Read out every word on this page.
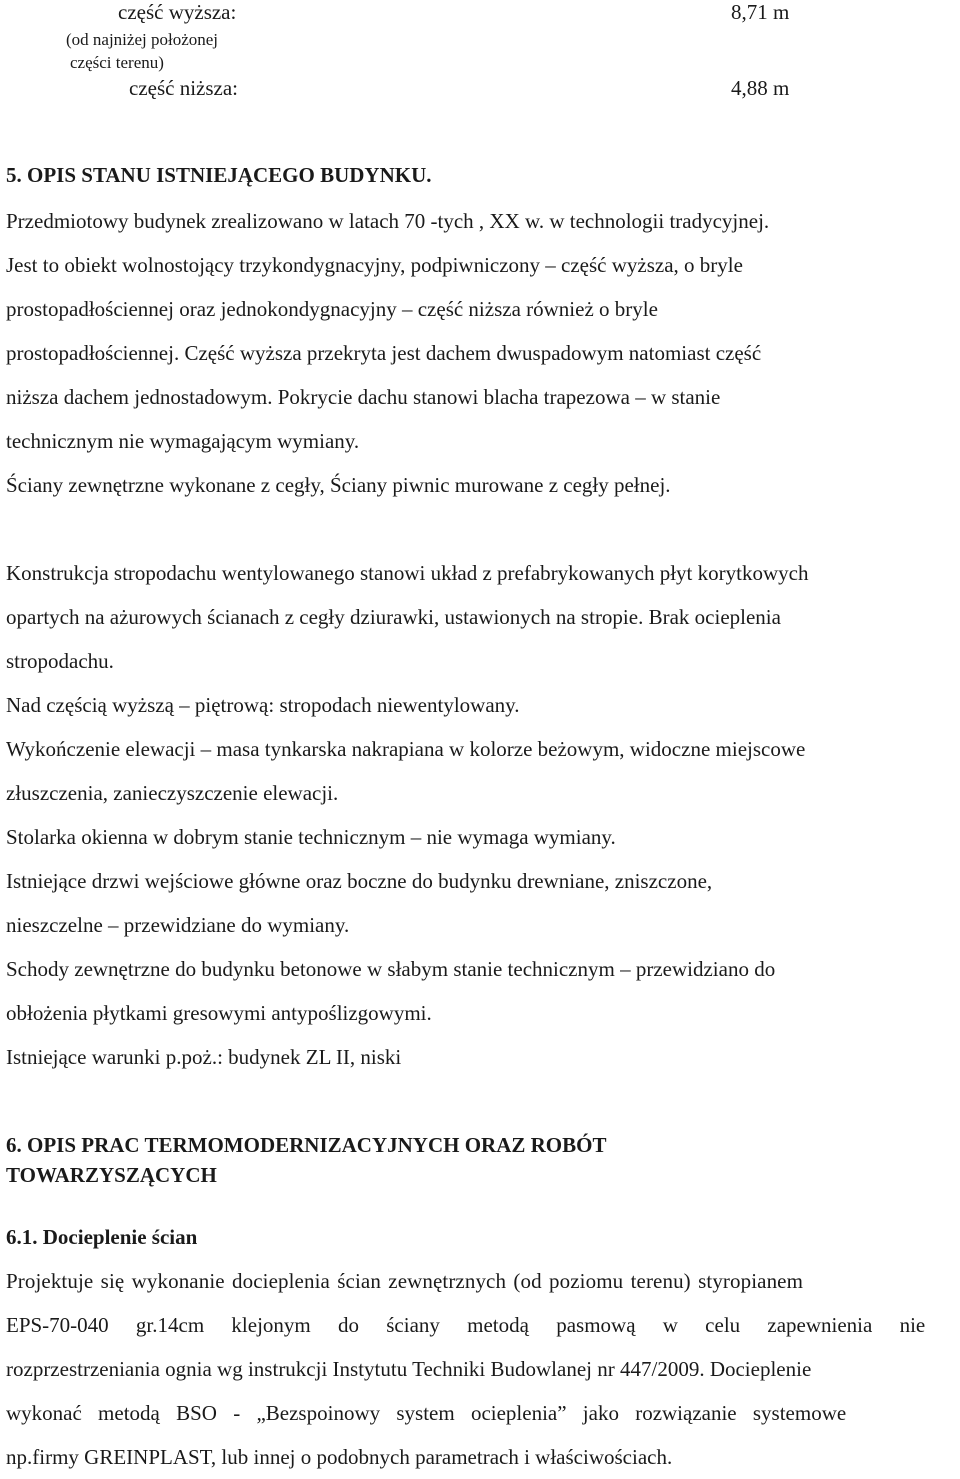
część wyższa:
(od najniżej położonej
części terenu)
8,71 m
część niższa:	4,88 m
5. OPIS STANU ISTNIEJĄCEGO BUDYNKU.
Przedmiotowy budynek zrealizowano w latach 70 -tych , XX w. w technologii tradycyjnej.
Jest to obiekt wolnostojący trzykondygnacyjny, podpiwniczony – część wyższa, o bryle
prostopadłościennej oraz jednokondygnacyjny – część niższa również o bryle
prostopadłościennej. Część wyższa przekryta jest dachem dwuspadowym natomiast część
niższa dachem jednostadowym. Pokrycie dachu stanowi blacha trapezowa – w stanie
technicznym nie wymagającym wymiany.
Ściany zewnętrzne wykonane z cegły, Ściany piwnic murowane z cegły pełnej.
Konstrukcja stropodachu wentylowanego stanowi układ z prefabrykowanych płyt korytkowych
opartych na ażurowych ścianach z cegły dziurawki, ustawionych na stropie. Brak ocieplenia
stropodachu.
Nad częścią wyższą – piętrową: stropodach niewentylowany.
Wykończenie elewacji – masa tynkarska nakrapiana w kolorze beżowym, widoczne miejscowe
złuszczenia, zanieczyszczenie elewacji.
Stolarka okienna w dobrym stanie technicznym – nie wymaga wymiany.
Istniejące drzwi wejściowe główne oraz boczne do budynku drewniane, zniszczone,
nieszczelne – przewidziane do wymiany.
Schody zewnętrzne do budynku betonowe w słabym stanie technicznym – przewidziano do
obłożenia płytkami gresowymi antypoślizgowymi.
Istniejące warunki p.poż.: budynek ZL II, niski
6. OPIS PRAC TERMOMODERNIZACYJNYCH ORAZ ROBÓT
TOWARZYSZĄCYCH
6.1. Docieplenie ścian
Projektuje się wykonanie docieplenia ścian zewnętrznych (od poziomu terenu) styropianem
EPS-70-040 gr.14cm klejonym do ściany metodą pasmową w celu zapewnienia nie
rozprzestrzeniania ognia wg instrukcji Instytutu Techniki Budowlanej nr 447/2009. Docieplenie
wykonać metodą BSO - „Bezspoinowy system ocieplenia” jako rozwiązanie systemowe
np.firmy GREINPLAST, lub innej o podobnych parametrach i właściwościach.
